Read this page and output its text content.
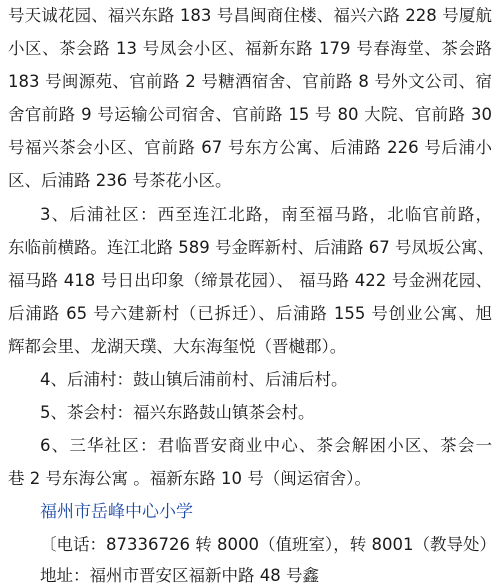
号天诚花园、福兴东路 183 号昌闽商住楼、福兴六路 228 号厦航
小区、茶会路 13 号凤会小区、福新东路 179 号春海堂、茶会路
183 号闽源苑、官前路 2 号糖酒宿舍、官前路 8 号外文公司、宿
舍官前路 9 号运输公司宿舍、官前路 15 号 80 大院、官前路 30
号福兴茶会小区、官前路 67 号东方公寓、后浦路 226 号后浦小
区、后浦路 236 号茶花小区。
3、后浦社区：西至连江北路，南至福马路，北临官前路，
东临前横路。连江北路 589 号金晖新村、后浦路 67 号凤坂公寓、
福马路 418 号日出印象（缔景花园）、 福马路 422 号金洲花园、
后浦路 65 号六建新村（已拆迁）、后浦路 155 号创业公寓、旭
辉都会里、龙湖天璞、大东海玺悦（晋樾郡）。
4、后浦村：鼓山镇后浦前村、后浦后村。
5、茶会村：福兴东路鼓山镇茶会村。
6、三华社区：君临晋安商业中心、茶会解困小区、茶会一
巷 2 号东海公寓 。福新东路 10 号（闽运宿舍）。
福州市岳峰中心小学
〔电话：87336726 转 8000（值班室），转 8001（教导处）
地址：福州市晋安区福新中路 48 号鑫
